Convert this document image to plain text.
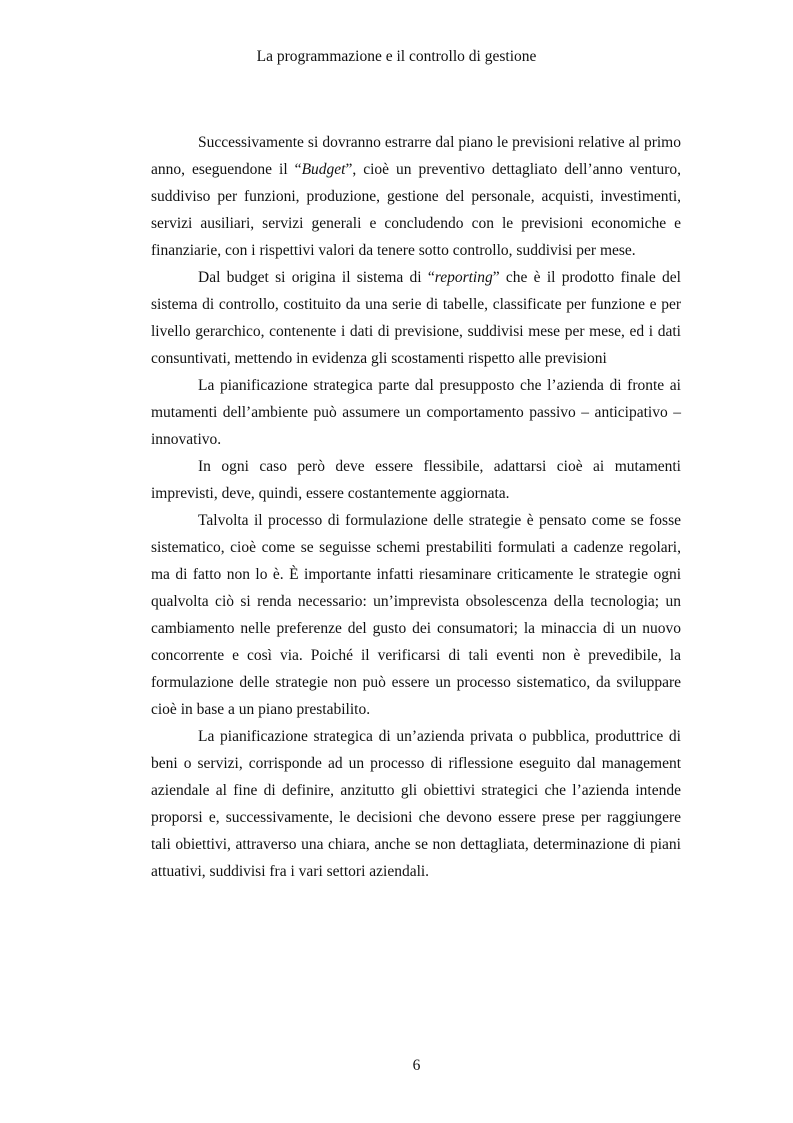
La programmazione e il controllo di gestione

Successivamente si dovranno estrarre dal piano le previsioni relative al primo anno, eseguendone il “Budget”, cioè un preventivo dettagliato dell’anno venturo, suddiviso per funzioni, produzione, gestione del personale, acquisti, investimenti, servizi ausiliari, servizi generali e concludendo con le previsioni economiche e finanziarie, con i rispettivi valori da tenere sotto controllo, suddivisi per mese.

Dal budget si origina il sistema di “reporting” che è il prodotto finale del sistema di controllo, costituito da una serie di tabelle, classificate per funzione e per livello gerarchico, contenente i dati di previsione, suddivisi mese per mese, ed i dati consuntivati, mettendo in evidenza gli scostamenti rispetto alle previsioni

La pianificazione strategica parte dal presupposto che l’azienda di fronte ai mutamenti dell’ambiente può assumere un comportamento passivo – anticipativo – innovativo.

In ogni caso però deve essere flessibile, adattarsi cioè ai mutamenti imprevisti, deve, quindi, essere costantemente aggiornata.

Talvolta il processo di formulazione delle strategie è pensato come se fosse sistematico, cioè come se seguisse schemi prestabiliti formulati a cadenze regolari, ma di fatto non lo è. È importante infatti riesaminare criticamente le strategie ogni qualvolta ciò si renda necessario: un’imprevista obsolescenza della tecnologia; un cambiamento nelle preferenze del gusto dei consumatori; la minaccia di un nuovo concorrente e così via. Poiché il verificarsi di tali eventi non è prevedibile, la formulazione delle strategie non può essere un processo sistematico, da sviluppare cioè in base a un piano prestabilito.

La pianificazione strategica di un’azienda privata o pubblica, produttrice di beni o servizi, corrisponde ad un processo di riflessione eseguito dal management aziendale al fine di definire, anzitutto gli obiettivi strategici che l’azienda intende proporsi e, successivamente, le decisioni che devono essere prese per raggiungere tali obiettivi, attraverso una chiara, anche se non dettagliata, determinazione di piani attuativi, suddivisi fra i vari settori aziendali.

6
